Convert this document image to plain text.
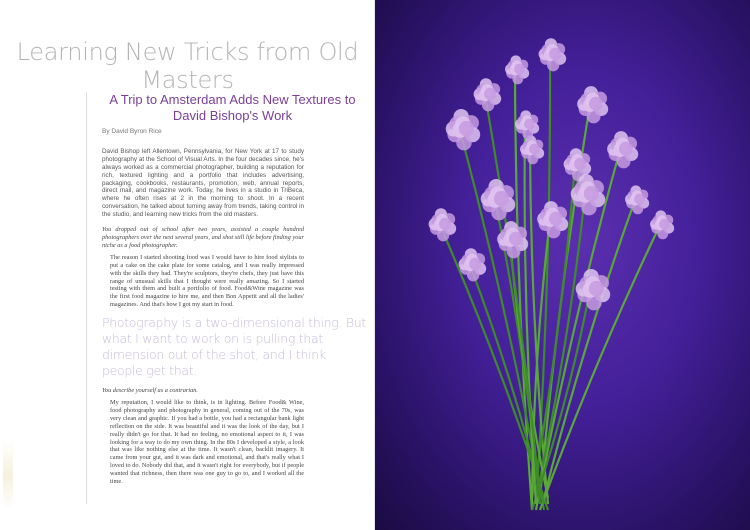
Learning New Tricks from Old Masters
A Trip to Amsterdam Adds New Textures to David Bishop's Work
By David Byron Rice
David Bishop left Allentown, Pennsylvania, for New York at 17 to study photography at the School of Visual Arts. In the four decades since, he's always worked as a commercial photographer, building a reputation for rich, textured lighting and a portfolio that includes advertising, packaging, cookbooks, restaurants, promotion, web, annual reports, direct mail, and magazine work. Today, he lives in a studio in TriBeca, where he often rises at 2 in the morning to shoot. In a recent conversation, he talked about turning away from trends, taking control in the studio, and learning new tricks from the old masters.
You dropped out of school after two years, assisted a couple hundred photographers over the next several years, and shot still life before finding your niche as a food photographer.
The reason I started shooting food was I would have to hire food stylists to put a cake on the cake plate for some catalog, and I was really impressed with the skills they had. They're sculptors, they're chefs, they just have this range of unusual skills that I thought were really amazing. So I started testing with them and built a portfolio of food. Food&Wine magazine was the first food magazine to hire me, and then Bon Appetit and all the ladies' magazines. And that's how I got my start in food.
Photography is a two-dimensional thing. But what I want to work on is pulling that dimension out of the shot, and I think people get that.
You describe yourself as a contrarian.
My reputation, I would like to think, is in lighting. Before Food& Wine, food photography and photography in general, coming out of the 70s, was very clean and graphic. If you had a bottle, you had a rectangular bank light reflection on the side. It was beautiful and it was the look of the day, but I really didn't go for that. It had no feeling, no emotional aspect to it, I was looking for a way to do my own thing. In the 80s I developed a style, a look that was like nothing else at the time. It wasn't clean, backlit imagery. It came from your gut, and it was dark and emotional, and that's really what I loved to do. Nobody did that, and it wasn't right for everybody, but if people wanted that richness, then there was one guy to go to, and I worked all the time.
